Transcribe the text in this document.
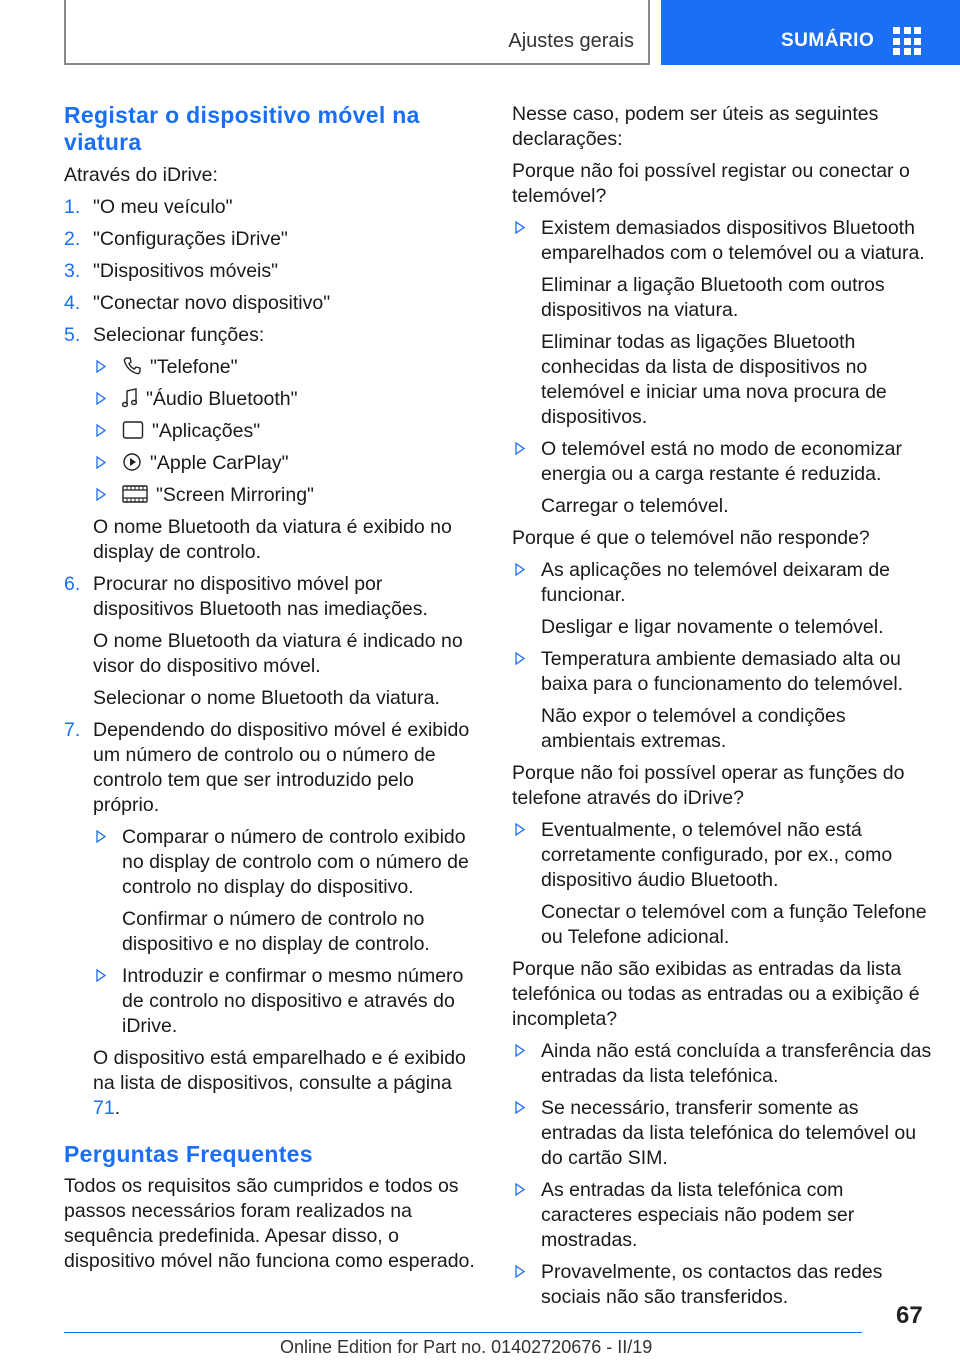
Ajustes gerais	SUMÁRIO
Registar o dispositivo móvel na viatura

Através do iDrive:

1. "O meu veículo"
2. "Configurações iDrive"
3. "Dispositivos móveis"
4. "Conectar novo dispositivo"
5. Selecionar funções:
"Telefone"
"Áudio Bluetooth"
"Aplicações"
"Apple CarPlay"
"Screen Mirroring"

O nome Bluetooth da viatura é exibido no display de controlo.

6. Procurar no dispositivo móvel por dispositivos Bluetooth nas imediações.

O nome Bluetooth da viatura é indicado no visor do dispositivo móvel.

Selecionar o nome Bluetooth da viatura.

7. Dependendo do dispositivo móvel é exibido um número de controlo ou o número de controlo tem que ser introduzido pelo próprio.
Comparar o número de controlo exibido no display de controlo com o número de controlo no display do dispositivo.

Confirmar o número de controlo no dispositivo e no display de controlo.

Introduzir e confirmar o mesmo número de controlo no dispositivo e através do iDrive.

O dispositivo está emparelhado e é exibido na lista de dispositivos, consulte a página 71.

Perguntas Frequentes

Todos os requisitos são cumpridos e todos os passos necessários foram realizados na sequência predefinida. Apesar disso, o dispositivo móvel não funciona como esperado.

Nesse caso, podem ser úteis as seguintes declarações:

Porque não foi possível registar ou conectar o telemóvel?

Existem demasiados dispositivos Bluetooth emparelhados com o telemóvel ou a viatura.

Eliminar a ligação Bluetooth com outros dispositivos na viatura.

Eliminar todas as ligações Bluetooth conhecidas da lista de dispositivos no telemóvel e iniciar uma nova procura de dispositivos.

O telemóvel está no modo de economizar energia ou a carga restante é reduzida.

Carregar o telemóvel.

Porque é que o telemóvel não responde?

As aplicações no telemóvel deixaram de funcionar.

Desligar e ligar novamente o telemóvel.

Temperatura ambiente demasiado alta ou baixa para o funcionamento do telemóvel.

Não expor o telemóvel a condições ambientais extremas.

Porque não foi possível operar as funções do telefone através do iDrive?

Eventualmente, o telemóvel não está corretamente configurado, por ex., como dispositivo áudio Bluetooth.

Conectar o telemóvel com a função Telefone ou Telefone adicional.

Porque não são exibidas as entradas da lista telefónica ou todas as entradas ou a exibição é incompleta?

Ainda não está concluída a transferência das entradas da lista telefónica.
Se necessário, transferir somente as entradas da lista telefónica do telemóvel ou do cartão SIM.
As entradas da lista telefónica com caracteres especiais não podem ser mostradas.
Provavelmente, os contactos das redes sociais não são transferidos.
67
Online Edition for Part no. 01402720676 - II/19
